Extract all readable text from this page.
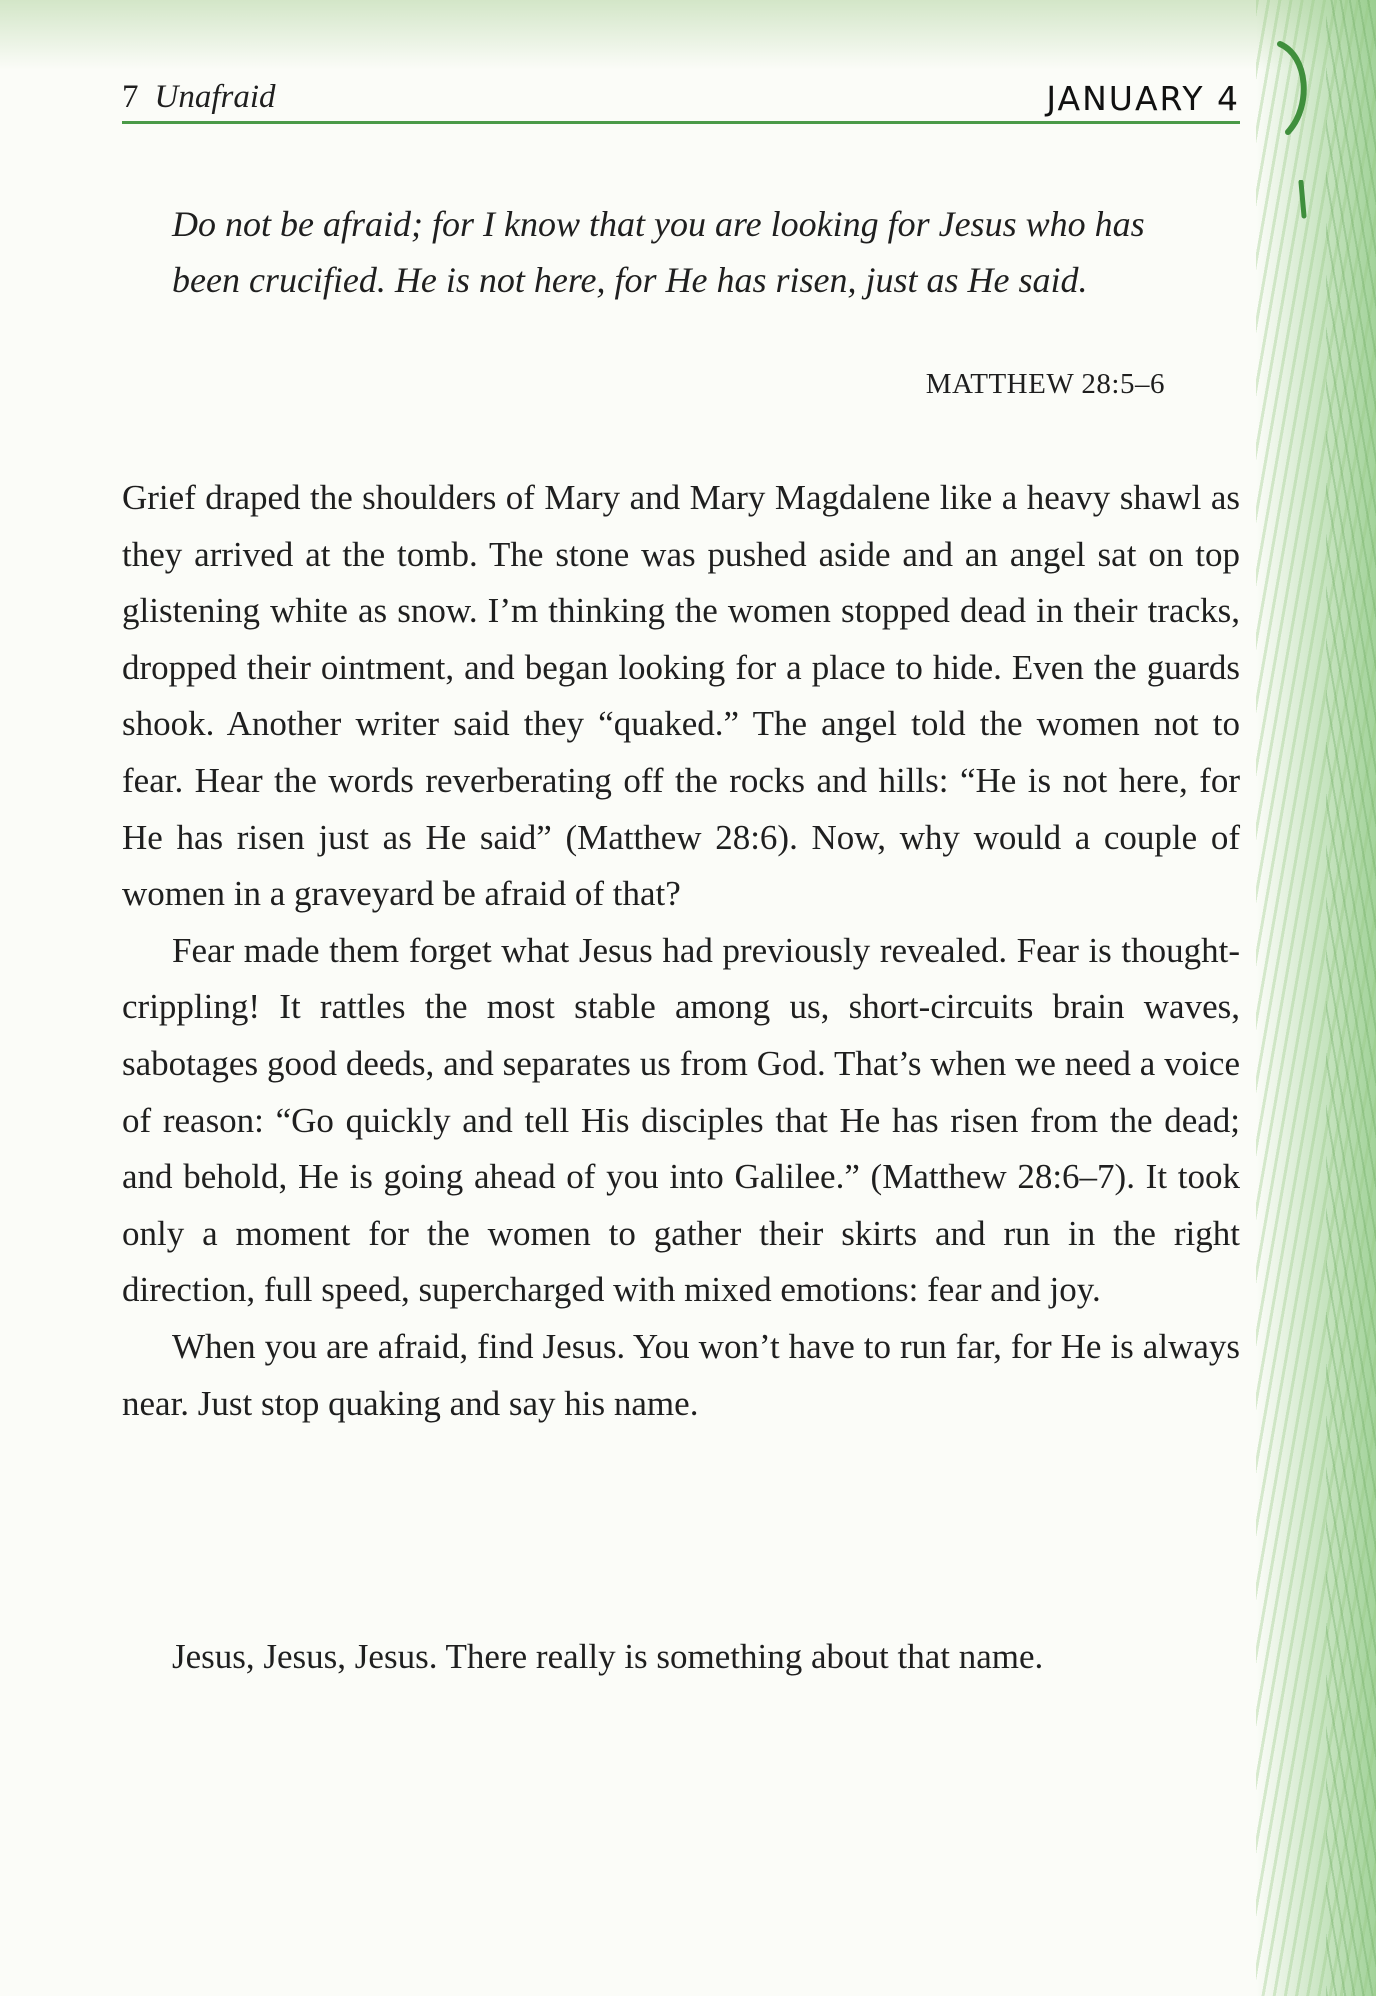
7 Unafraid	JANUARY 4

Do not be afraid; for I know that you are looking for Jesus who has been crucified. He is not here, for He has risen, just as He said.

MATTHEW 28:5–6

Grief draped the shoulders of Mary and Mary Magdalene like a heavy shawl as they arrived at the tomb. The stone was pushed aside and an angel sat on top glistening white as snow. I’m thinking the women stopped dead in their tracks, dropped their ointment, and began looking for a place to hide. Even the guards shook. Another writer said they “quaked.” The angel told the women not to fear. Hear the words reverberating off the rocks and hills: “He is not here, for He has risen just as He said” (Matthew 28:6). Now, why would a couple of women in a graveyard be afraid of that?

Fear made them forget what Jesus had previously revealed. Fear is thought-crippling! It rattles the most stable among us, short-circuits brain waves, sabotages good deeds, and separates us from God. That’s when we need a voice of reason: “Go quickly and tell His disciples that He has risen from the dead; and behold, He is going ahead of you into Galilee.” (Matthew 28:6–7). It took only a moment for the women to gather their skirts and run in the right direction, full speed, supercharged with mixed emotions: fear and joy.

When you are afraid, find Jesus. You won’t have to run far, for He is always near. Just stop quaking and say his name.

Jesus, Jesus, Jesus. There really is something about that name.
